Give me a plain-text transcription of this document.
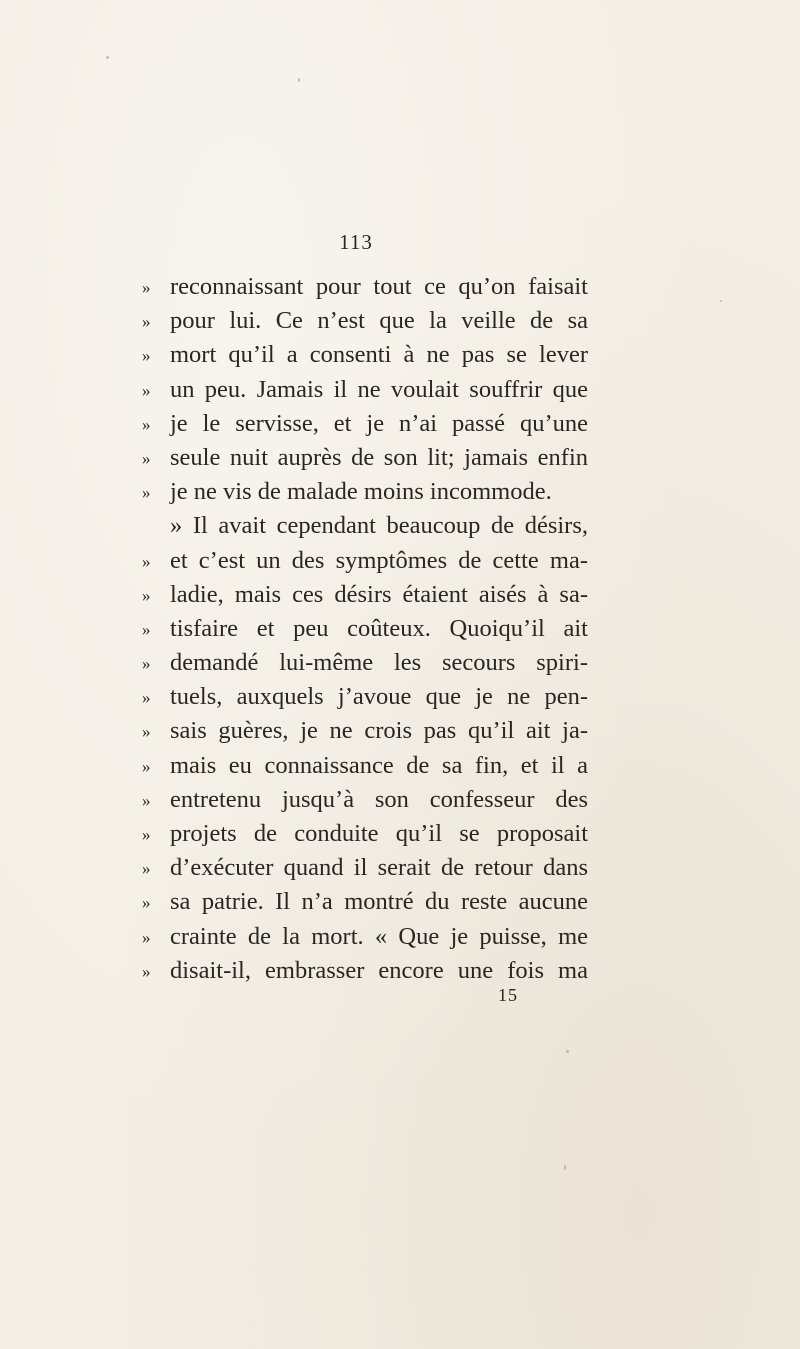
113
» reconnaissant pour tout ce qu’on faisait
» pour lui. Ce n’est que la veille de sa
» mort qu’il a consenti à ne pas se lever
» un peu. Jamais il ne voulait souffrir que
» je le servisse, et je n’ai passé qu’une
» seule nuit auprès de son lit; jamais enfin
» je ne vis de malade moins incommode.
» Il avait cependant beaucoup de désirs,
» et c’est un des symptômes de cette ma-
» ladie, mais ces désirs étaient aisés à sa-
» tisfaire et peu coûteux. Quoiqu’il ait
» demandé lui-même les secours spiri-
» tuels, auxquels j’avoue que je ne pen-
» sais guères, je ne crois pas qu’il ait ja-
» mais eu connaissance de sa fin, et il a
» entretenu jusqu’à son confesseur des
» projets de conduite qu’il se proposait
» d’exécuter quand il serait de retour dans
» sa patrie. Il n’a montré du reste aucune
» crainte de la mort. « Que je puisse, me
» disait-il, embrasser encore une fois ma
15
